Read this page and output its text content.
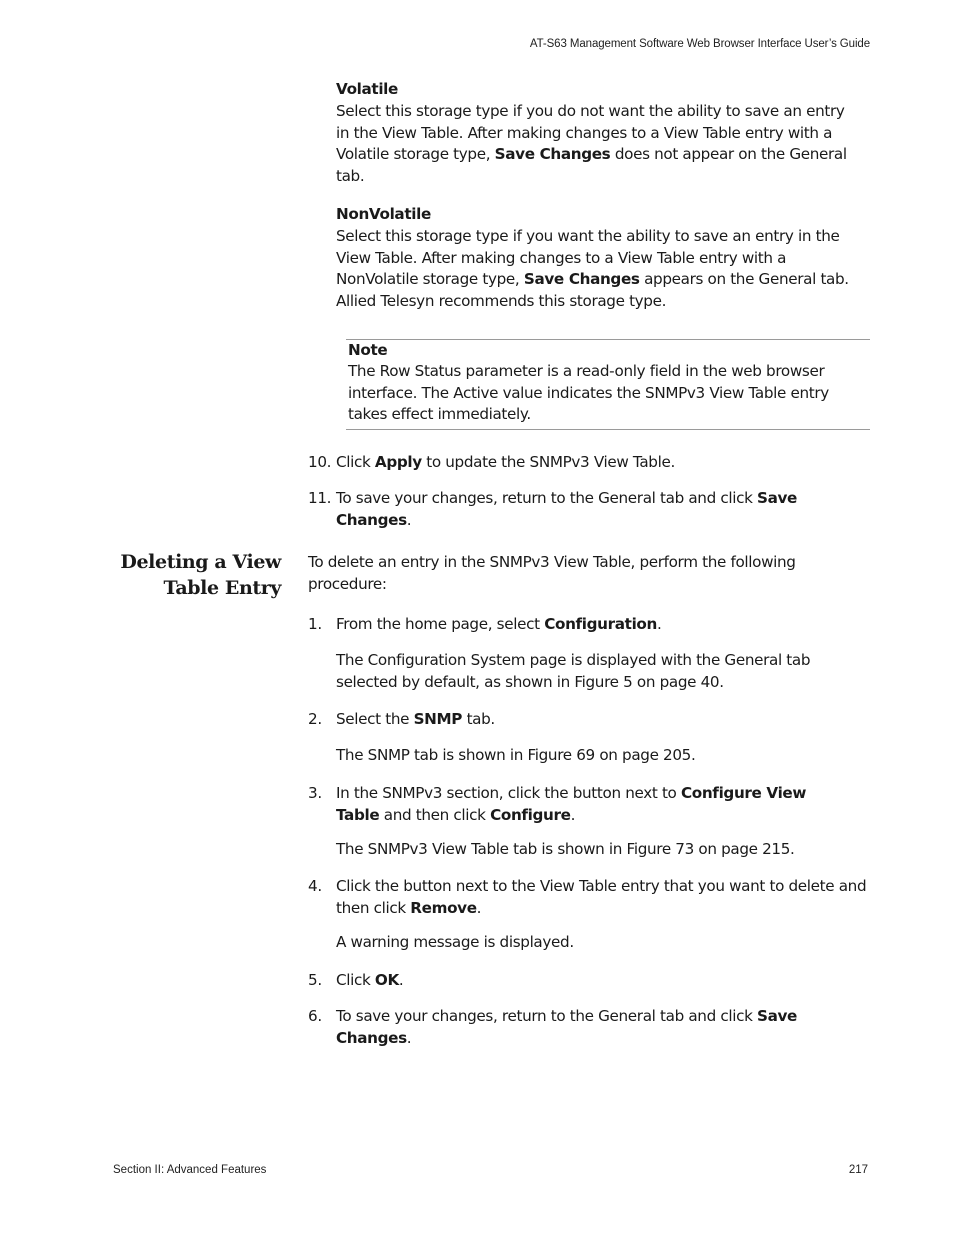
AT-S63 Management Software Web Browser Interface User’s Guide
Volatile
Select this storage type if you do not want the ability to save an entry in the View Table. After making changes to a View Table entry with a Volatile storage type, Save Changes does not appear on the General tab.
NonVolatile
Select this storage type if you want the ability to save an entry in the View Table. After making changes to a View Table entry with a NonVolatile storage type, Save Changes appears on the General tab. Allied Telesyn recommends this storage type.
Note
The Row Status parameter is a read-only field in the web browser interface. The Active value indicates the SNMPv3 View Table entry takes effect immediately.
10. Click Apply to update the SNMPv3 View Table.
11. To save your changes, return to the General tab and click Save Changes.
Deleting a View
Table Entry
To delete an entry in the SNMPv3 View Table, perform the following procedure:
1. From the home page, select Configuration.
The Configuration System page is displayed with the General tab selected by default, as shown in Figure 5 on page 40.
2. Select the SNMP tab.
The SNMP tab is shown in Figure 69 on page 205.
3. In the SNMPv3 section, click the button next to Configure View Table and then click Configure.
The SNMPv3 View Table tab is shown in Figure 73 on page 215.
4. Click the button next to the View Table entry that you want to delete and then click Remove.
A warning message is displayed.
5. Click OK.
6. To save your changes, return to the General tab and click Save Changes.
Section II: Advanced Features	217
